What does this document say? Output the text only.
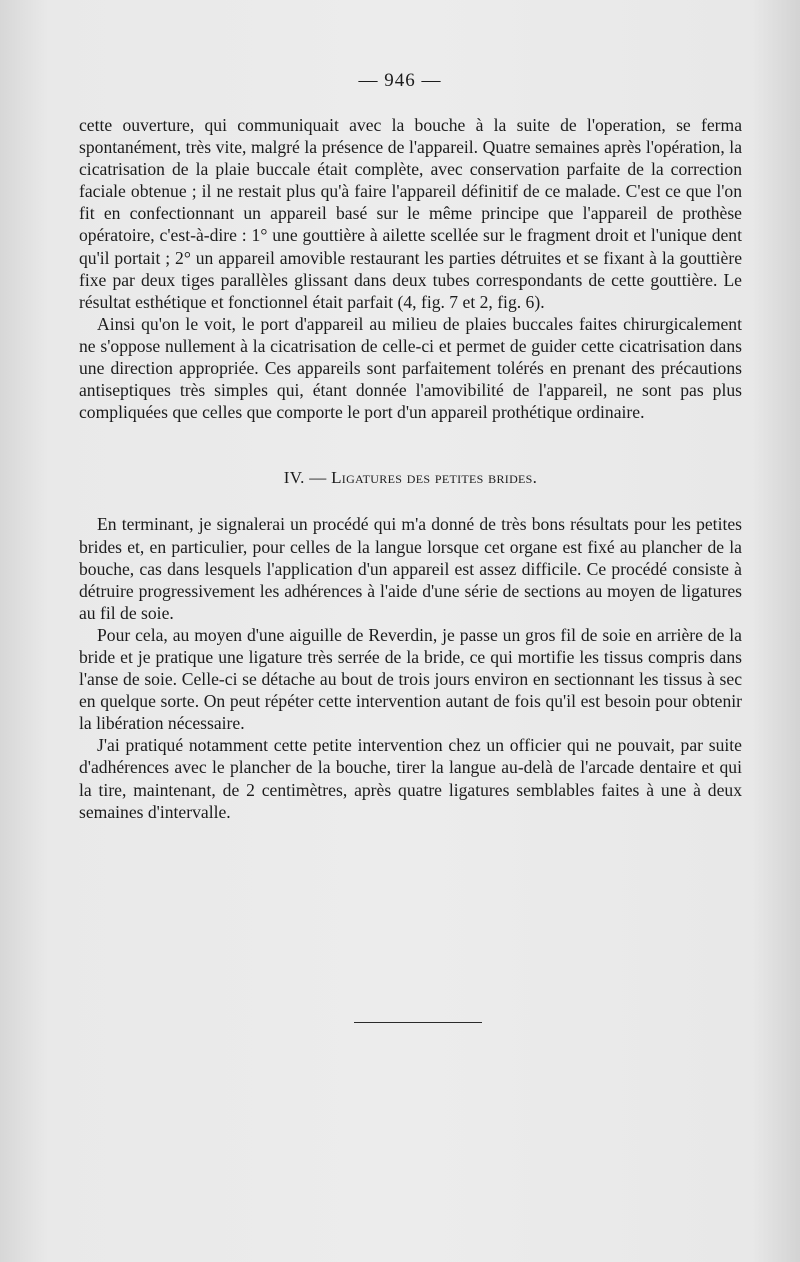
— 946 —

cette ouverture, qui communiquait avec la bouche à la suite de l'operation, se ferma spontanément, très vite, malgré la présence de l'appareil. Quatre semaines après l'opération, la cicatrisation de la plaie buccale était complète, avec conservation parfaite de la correction faciale obtenue ; il ne restait plus qu'à faire l'appareil définitif de ce malade. C'est ce que l'on fit en confectionnant un appareil basé sur le même principe que l'appareil de prothèse opératoire, c'est-à-dire : 1° une gouttière à ailette scellée sur le fragment droit et l'unique dent qu'il portait ; 2° un appareil amovible restaurant les parties détruites et se fixant à la gouttière fixe par deux tiges parallèles glissant dans deux tubes correspondants de cette gouttière. Le résultat esthétique et fonctionnel était parfait (4, fig. 7 et 2, fig. 6).

Ainsi qu'on le voit, le port d'appareil au milieu de plaies buccales faites chirurgicalement ne s'oppose nullement à la cicatrisation de celle-ci et permet de guider cette cicatrisation dans une direction appropriée. Ces appareils sont parfaitement tolérés en prenant des précautions antiseptiques très simples qui, étant donnée l'amovibilité de l'appareil, ne sont pas plus compliquées que celles que comporte le port d'un appareil prothétique ordinaire.

IV. — Ligatures des petites brides.

En terminant, je signalerai un procédé qui m'a donné de très bons résultats pour les petites brides et, en particulier, pour celles de la langue lorsque cet organe est fixé au plancher de la bouche, cas dans lesquels l'application d'un appareil est assez difficile. Ce procédé consiste à détruire progressivement les adhérences à l'aide d'une série de sections au moyen de ligatures au fil de soie.

Pour cela, au moyen d'une aiguille de Reverdin, je passe un gros fil de soie en arrière de la bride et je pratique une ligature très serrée de la bride, ce qui mortifie les tissus compris dans l'anse de soie. Celle-ci se détache au bout de trois jours environ en sectionnant les tissus à sec en quelque sorte. On peut répéter cette intervention autant de fois qu'il est besoin pour obtenir la libération nécessaire.

J'ai pratiqué notamment cette petite intervention chez un officier qui ne pouvait, par suite d'adhérences avec le plancher de la bouche, tirer la langue au-delà de l'arcade dentaire et qui la tire, maintenant, de 2 centimètres, après quatre ligatures semblables faites à une à deux semaines d'intervalle.
